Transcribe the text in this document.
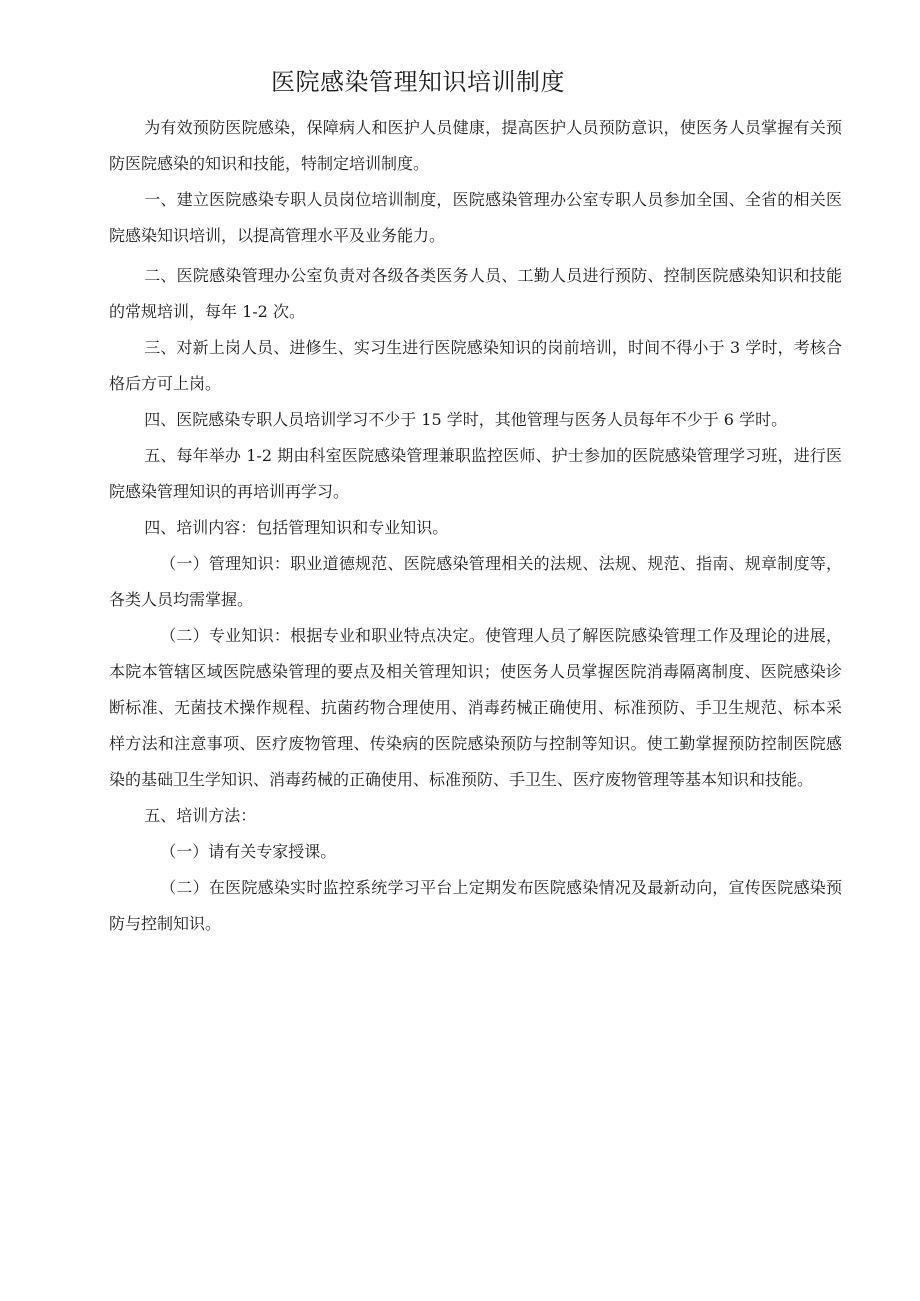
医院感染管理知识培训制度

为有效预防医院感染，保障病人和医护人员健康，提高医护人员预防意识，使医务人员掌握有关预防医院感染的知识和技能，特制定培训制度。

一、建立医院感染专职人员岗位培训制度，医院感染管理办公室专职人员参加全国、全省的相关医院感染知识培训，以提高管理水平及业务能力。

二、医院感染管理办公室负责对各级各类医务人员、工勤人员进行预防、控制医院感染知识和技能的常规培训，每年 1-2 次。

三、对新上岗人员、进修生、实习生进行医院感染知识的岗前培训，时间不得小于 3 学时，考核合格后方可上岗。

四、医院感染专职人员培训学习不少于 15 学时，其他管理与医务人员每年不少于 6 学时。

五、每年举办 1-2 期由科室医院感染管理兼职监控医师、护士参加的医院感染管理学习班，进行医院感染管理知识的再培训再学习。

四、培训内容：包括管理知识和专业知识。

（一）管理知识：职业道德规范、医院感染管理相关的法规、法规、规范、指南、规章制度等，各类人员均需掌握。

（二）专业知识：根据专业和职业特点决定。使管理人员了解医院感染管理工作及理论的进展，本院本管辖区域医院感染管理的要点及相关管理知识；使医务人员掌握医院消毒隔离制度、医院感染诊断标准、无菌技术操作规程、抗菌药物合理使用、消毒药械正确使用、标准预防、手卫生规范、标本采样方法和注意事项、医疗废物管理、传染病的医院感染预防与控制等知识。使工勤掌握预防控制医院感染的基础卫生学知识、消毒药械的正确使用、标准预防、手卫生、医疗废物管理等基本知识和技能。

五、培训方法：

（一）请有关专家授课。

（二）在医院感染实时监控系统学习平台上定期发布医院感染情况及最新动向，宣传医院感染预防与控制知识。
